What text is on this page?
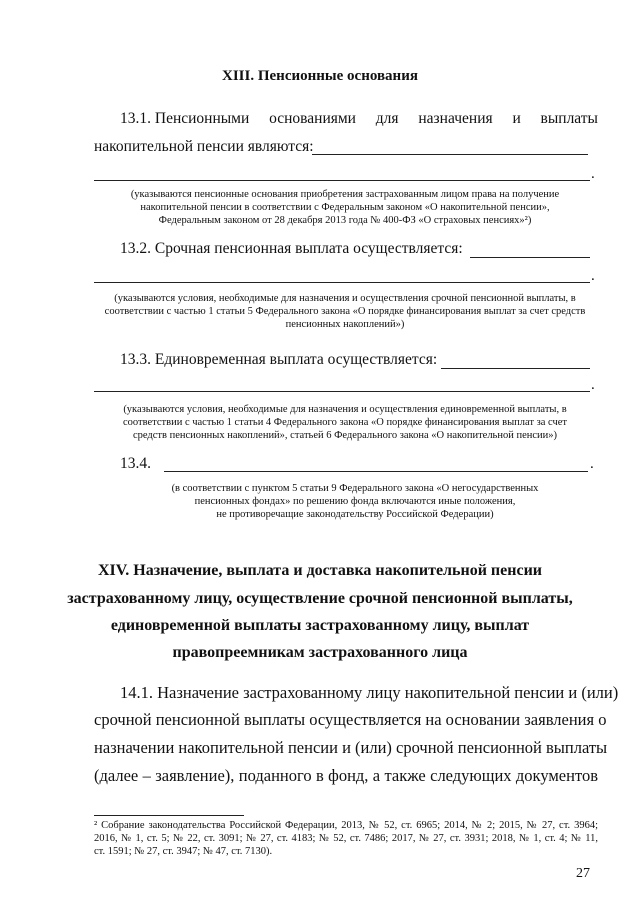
XIII. Пенсионные основания
13.1. Пенсионными основаниями для назначения и выплаты
накопительной пенсии являются:
.
(указываются пенсионные основания приобретения застрахованным лицом права на получение
накопительной пенсии в соответствии с Федеральным законом «О накопительной пенсии»,
Федеральным законом от 28 декабря 2013 года № 400-ФЗ «О страховых пенсиях»²)
13.2. Срочная пенсионная выплата осуществляется:
.
(указываются условия, необходимые для назначения и осуществления срочной пенсионной выплаты, в
соответствии с частью 1 статьи 5 Федерального закона «О порядке финансирования выплат за счет средств
пенсионных накоплений»)
13.3. Единовременная выплата осуществляется:
.
(указываются условия, необходимые для назначения и осуществления единовременной выплаты, в
соответствии с частью 1 статьи 4 Федерального закона «О порядке финансирования выплат за счет
средств пенсионных накоплений», статьей 6 Федерального закона «О накопительной пенсии»)
13.4.	.
(в соответствии с пунктом 5 статьи 9 Федерального закона «О негосударственных
пенсионных фондах» по решению фонда включаются иные положения,
не противоречащие законодательству Российской Федерации)
XIV. Назначение, выплата и доставка накопительной пенсии
застрахованному лицу, осуществление срочной пенсионной выплаты,
единовременной выплаты застрахованному лицу, выплат
правопреемникам застрахованного лица
14.1. Назначение застрахованному лицу накопительной пенсии и (или)
срочной пенсионной выплаты осуществляется на основании заявления о
назначении накопительной пенсии и (или) срочной пенсионной выплаты
(далее – заявление), поданного в фонд, а также следующих документов
² Собрание законодательства Российской Федерации, 2013, № 52, ст. 6965; 2014, № 2; 2015, № 27, ст. 3964;
2016, № 1, ст. 5; № 22, ст. 3091; № 27, ст. 4183; № 52, ст. 7486; 2017, № 27, ст. 3931; 2018, № 1, ст. 4; № 11,
ст. 1591; № 27, ст. 3947; № 47, ст. 7130).
27
